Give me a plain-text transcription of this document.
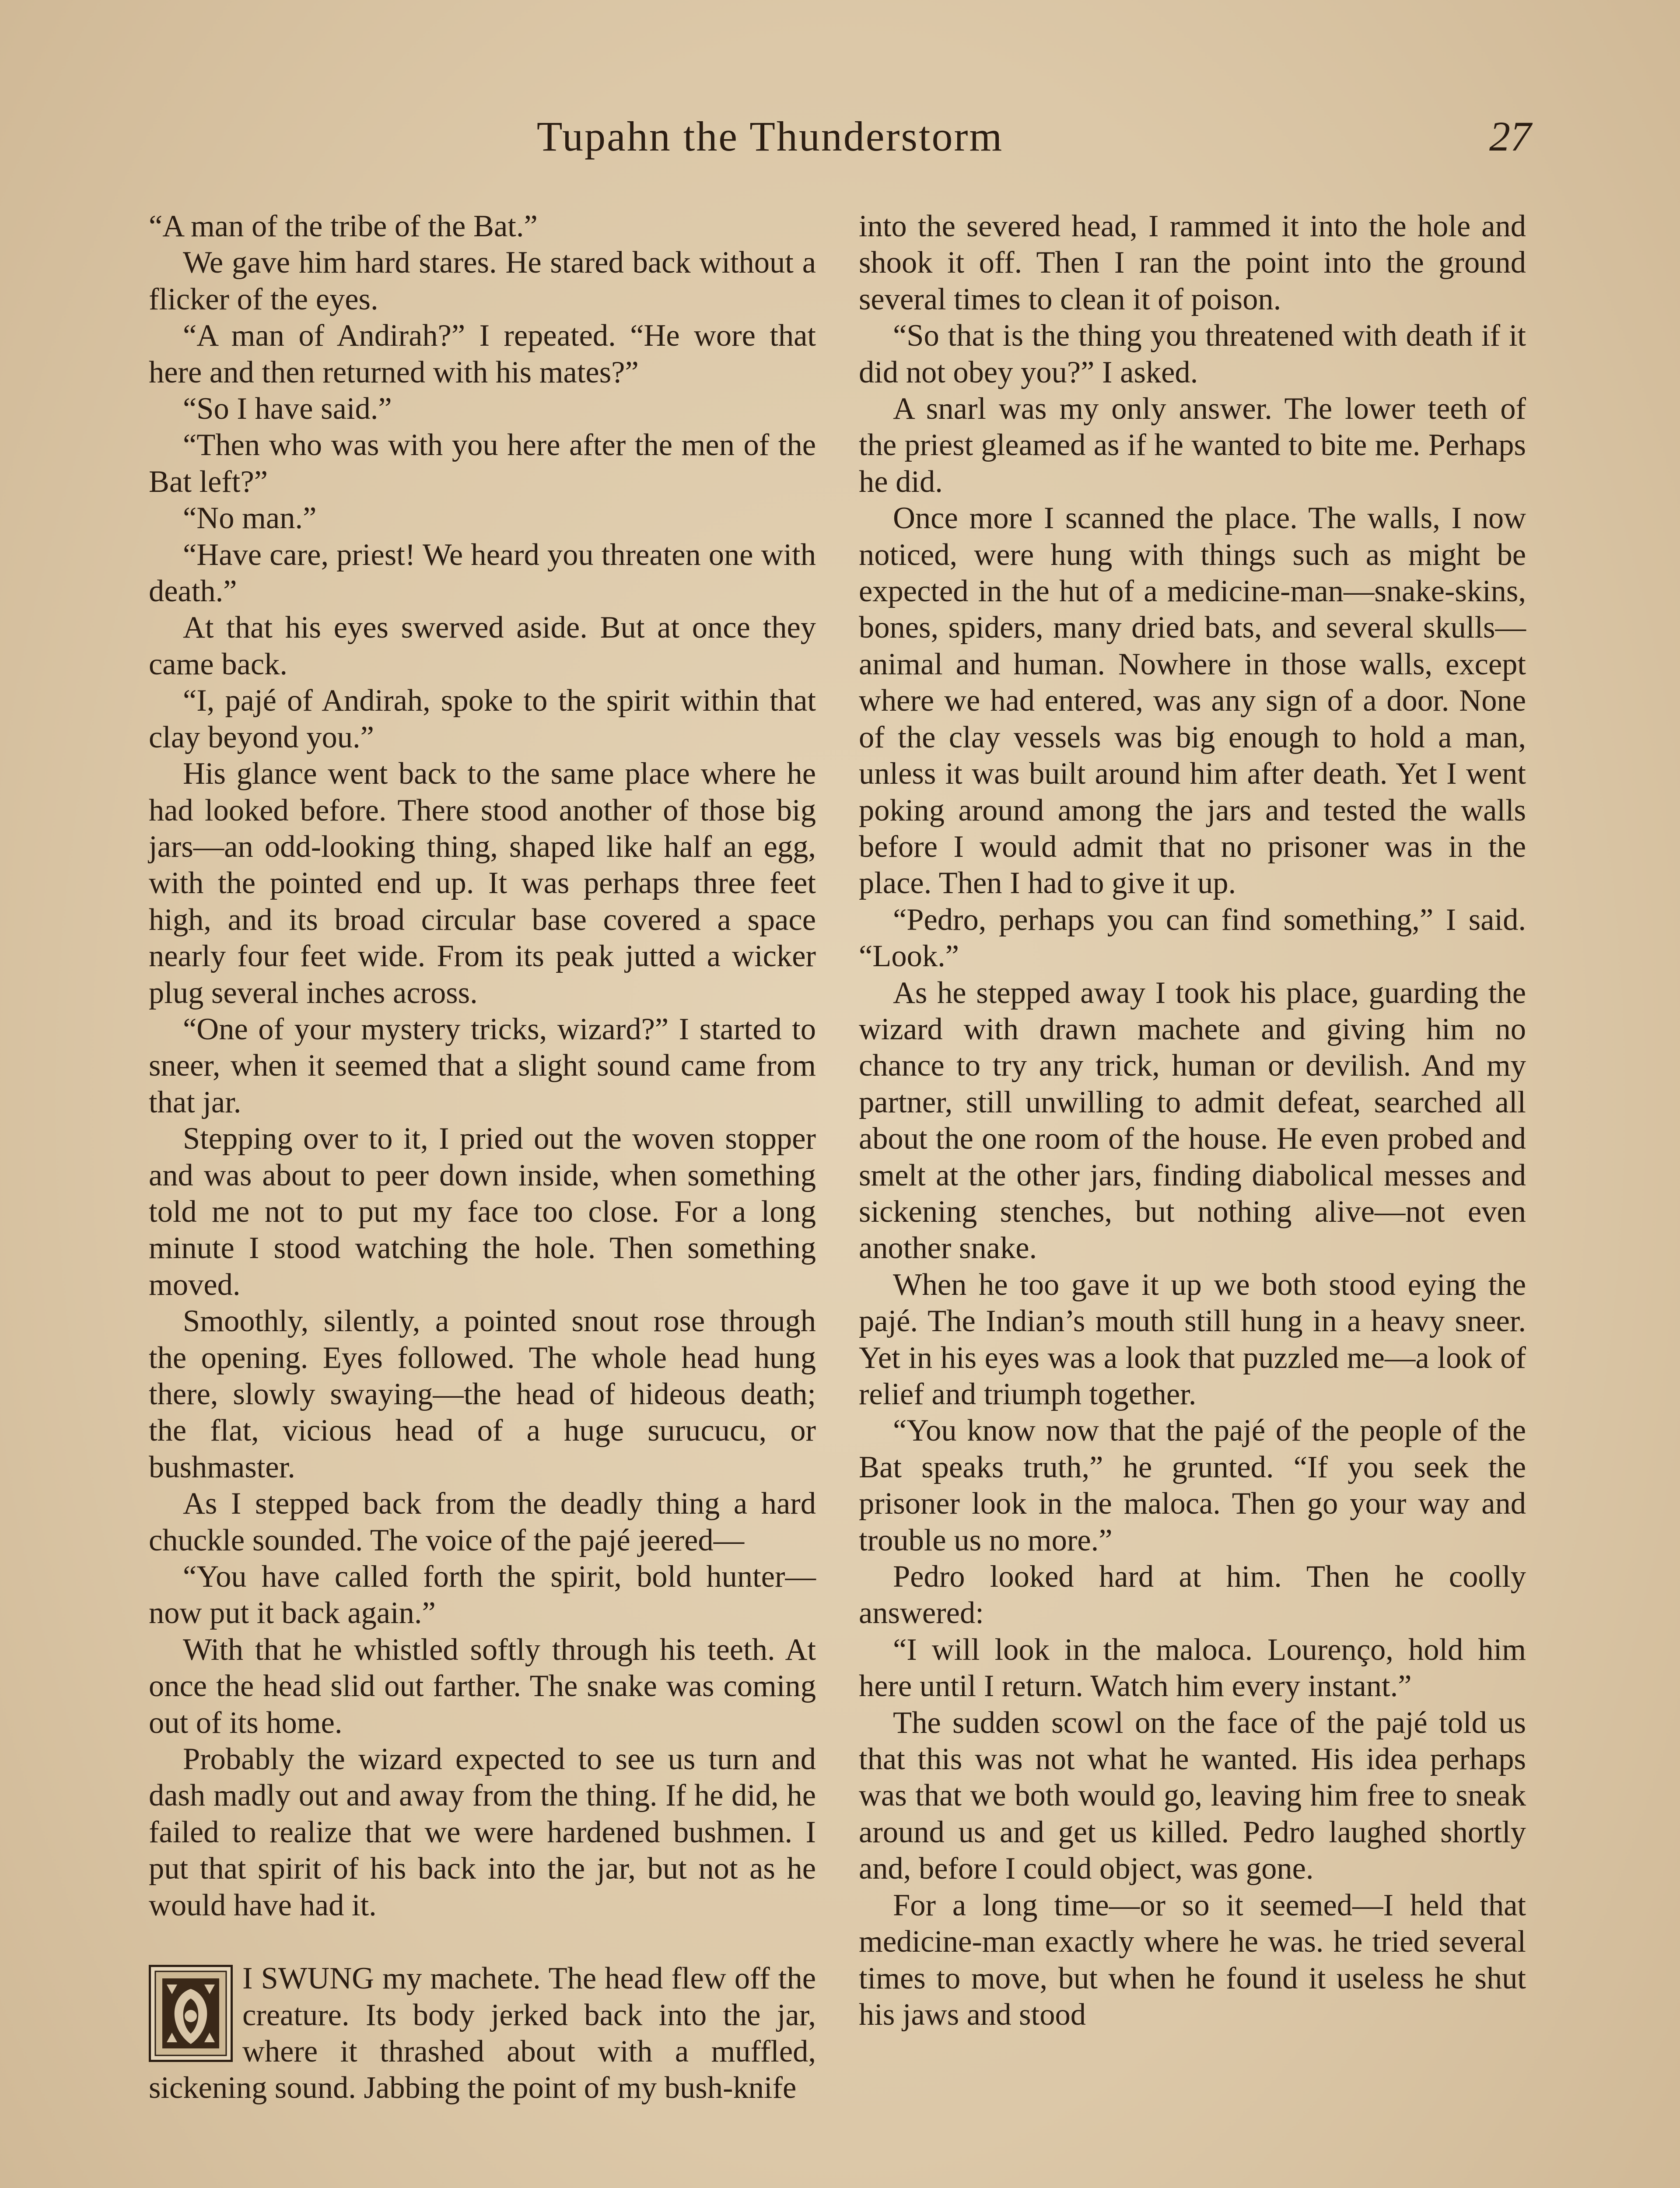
Tupahn the Thunderstorm	27

“A man of the tribe of the Bat.”

We gave him hard stares. He stared back without a flicker of the eyes.

“A man of Andirah?” I repeated. “He wore that here and then returned with his mates?”

“So I have said.”

“Then who was with you here after the men of the Bat left?”

“No man.”

“Have care, priest! We heard you threaten one with death.”

At that his eyes swerved aside. But at once they came back.

“I, pajé of Andirah, spoke to the spirit within that clay beyond you.”

His glance went back to the same place where he had looked before. There stood another of those big jars—an odd-looking thing, shaped like half an egg, with the pointed end up. It was perhaps three feet high, and its broad circular base covered a space nearly four feet wide. From its peak jutted a wicker plug several inches across.

“One of your mystery tricks, wizard?” I started to sneer, when it seemed that a slight sound came from that jar.

Stepping over to it, I pried out the woven stopper and was about to peer down inside, when something told me not to put my face too close. For a long minute I stood watching the hole. Then something moved.

Smoothly, silently, a pointed snout rose through the opening. Eyes followed. The whole head hung there, slowly swaying—the head of hideous death; the flat, vicious head of a huge surucucu, or bushmaster.

As I stepped back from the deadly thing a hard chuckle sounded. The voice of the pajé jeered—

“You have called forth the spirit, bold hunter—now put it back again.”

With that he whistled softly through his teeth. At once the head slid out farther. The snake was coming out of its home.

Probably the wizard expected to see us turn and dash madly out and away from the thing. If he did, he failed to realize that we were hardened bushmen. I put that spirit of his back into the jar, but not as he would have had it.

I SWUNG my machete. The head flew off the creature. Its body jerked back into the jar, where it thrashed about with a muffled, sickening sound. Jabbing the point of my bush-knife

into the severed head, I rammed it into the hole and shook it off. Then I ran the point into the ground several times to clean it of poison.

“So that is the thing you threatened with death if it did not obey you?” I asked.

A snarl was my only answer. The lower teeth of the priest gleamed as if he wanted to bite me. Perhaps he did.

Once more I scanned the place. The walls, I now noticed, were hung with things such as might be expected in the hut of a medicine-man—snake-skins, bones, spiders, many dried bats, and several skulls—animal and human. Nowhere in those walls, except where we had entered, was any sign of a door. None of the clay vessels was big enough to hold a man, unless it was built around him after death. Yet I went poking around among the jars and tested the walls before I would admit that no prisoner was in the place. Then I had to give it up.

“Pedro, perhaps you can find something,” I said. “Look.”

As he stepped away I took his place, guarding the wizard with drawn machete and giving him no chance to try any trick, human or devilish. And my partner, still unwilling to admit defeat, searched all about the one room of the house. He even probed and smelt at the other jars, finding diabolical messes and sickening stenches, but nothing alive—not even another snake.

When he too gave it up we both stood eying the pajé. The Indian’s mouth still hung in a heavy sneer. Yet in his eyes was a look that puzzled me—a look of relief and triumph together.

“You know now that the pajé of the people of the Bat speaks truth,” he grunted. “If you seek the prisoner look in the maloca. Then go your way and trouble us no more.”

Pedro looked hard at him. Then he coolly answered:

“I will look in the maloca. Lourenço, hold him here until I return. Watch him every instant.”

The sudden scowl on the face of the pajé told us that this was not what he wanted. His idea perhaps was that we both would go, leaving him free to sneak around us and get us killed. Pedro laughed shortly and, before I could object, was gone.

For a long time—or so it seemed—I held that medicine-man exactly where he was. he tried several times to move, but when he found it useless he shut his jaws and stood
